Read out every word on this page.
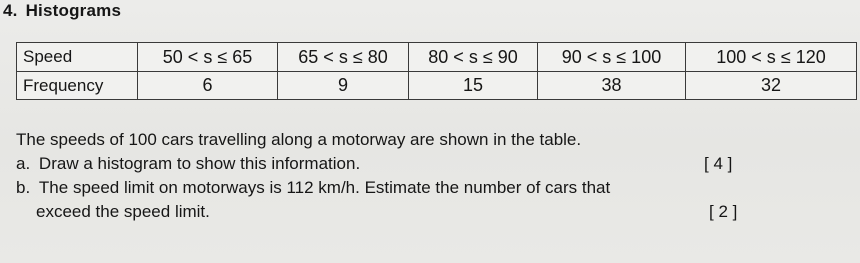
4. Histograms
Speed	50 < s ≤ 65	65 < s ≤ 80	80 < s ≤ 90	90 < s ≤ 100	100 < s ≤ 120
Frequency	6	9	15	38	32
The speeds of 100 cars travelling along a motorway are shown in the table.
a. Draw a histogram to show this information.	[ 4 ]
b. The speed limit on motorways is 112 km/h. Estimate the number of cars that
exceed the speed limit.	[ 2 ]
